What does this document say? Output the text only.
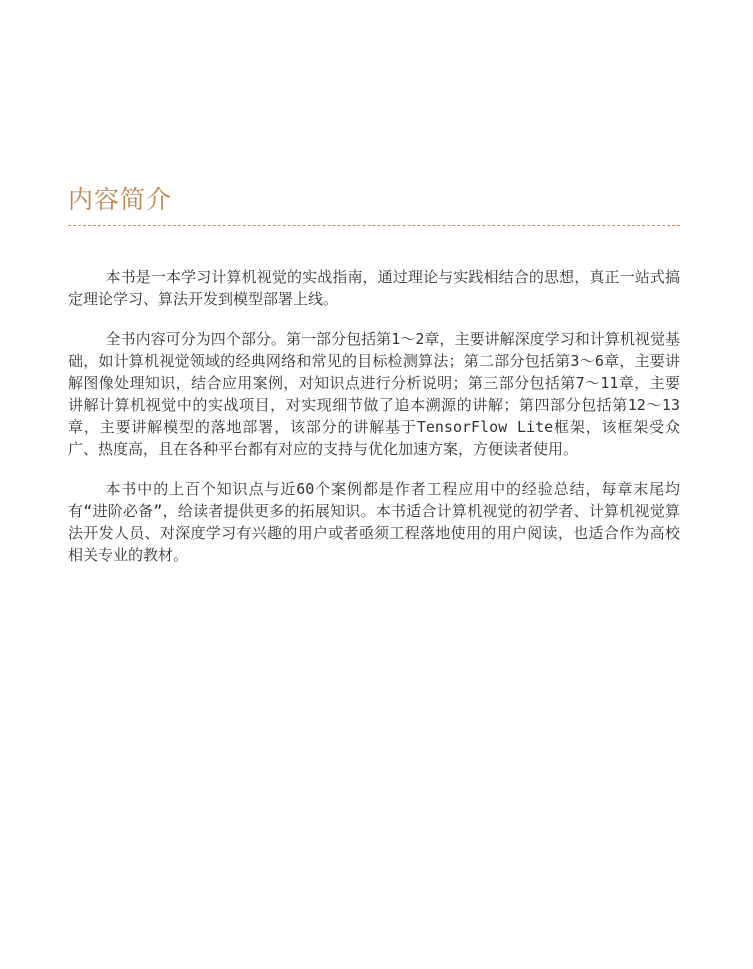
内容简介

本书是一本学习计算机视觉的实战指南，通过理论与实践相结合的思想，真正一站式搞定理论学习、算法开发到模型部署上线。

全书内容可分为四个部分。第一部分包括第1～2章，主要讲解深度学习和计算机视觉基础，如计算机视觉领域的经典网络和常见的目标检测算法；第二部分包括第3～6章，主要讲解图像处理知识，结合应用案例，对知识点进行分析说明；第三部分包括第7～11章，主要讲解计算机视觉中的实战项目，对实现细节做了追本溯源的讲解；第四部分包括第12～13章，主要讲解模型的落地部署，该部分的讲解基于TensorFlow Lite框架，该框架受众广、热度高，且在各种平台都有对应的支持与优化加速方案，方便读者使用。

本书中的上百个知识点与近60个案例都是作者工程应用中的经验总结，每章末尾均有“进阶必备”，给读者提供更多的拓展知识。本书适合计算机视觉的初学者、计算机视觉算法开发人员、对深度学习有兴趣的用户或者亟须工程落地使用的用户阅读，也适合作为高校相关专业的教材。
